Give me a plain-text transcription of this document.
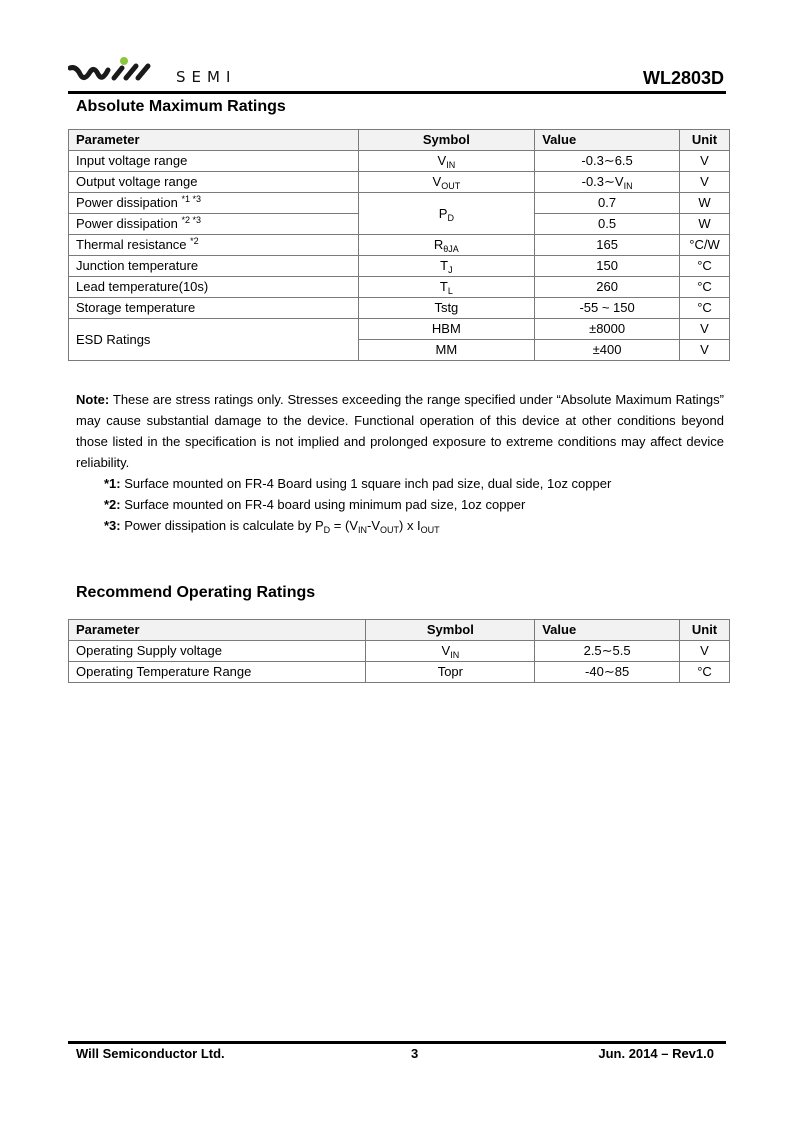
SEMI	WL2803D
Absolute Maximum Ratings
Parameter	Symbol	Value	Unit
Input voltage range	$V_{IN}$	-0.3∼6.5	V
Output voltage range	$V_{OUT}$	$-0.3\sim V_{IN}$	V
Power dissipation $^{*1 *3}$	$P_D$	0.7	W
Power dissipation $^{*2 *3}$		0.5	W
Thermal resistance $^{*2}$	$R_{\theta JA}$	165	°C/W
Junction temperature	$T_J$	150	°C
Lead temperature(10s)	$T_L$	260	°C
Storage temperature	Tstg	-55 ~ 150	°C
ESD Ratings	HBM	±8000	V
	MM	±400	V
Note: These are stress ratings only. Stresses exceeding the range specified under “Absolute Maximum Ratings” may cause substantial damage to the device. Functional operation of this device at other conditions beyond those listed in the specification is not implied and prolonged exposure to extreme conditions may affect device reliability.
*1: Surface mounted on FR-4 Board using 1 square inch pad size, dual side, 1oz copper
*2: Surface mounted on FR-4 board using minimum pad size, 1oz copper
*3: Power dissipation is calculate by $P_D = (V_{IN}-V_{OUT})$ x $I_{OUT}$
Recommend Operating Ratings
Parameter	Symbol	Value	Unit
Operating Supply voltage	$V_{IN}$	2.5∼5.5	V
Operating Temperature Range	Topr	-40∼85	°C
Will Semiconductor Ltd.	3	Jun. 2014 – Rev1.0
